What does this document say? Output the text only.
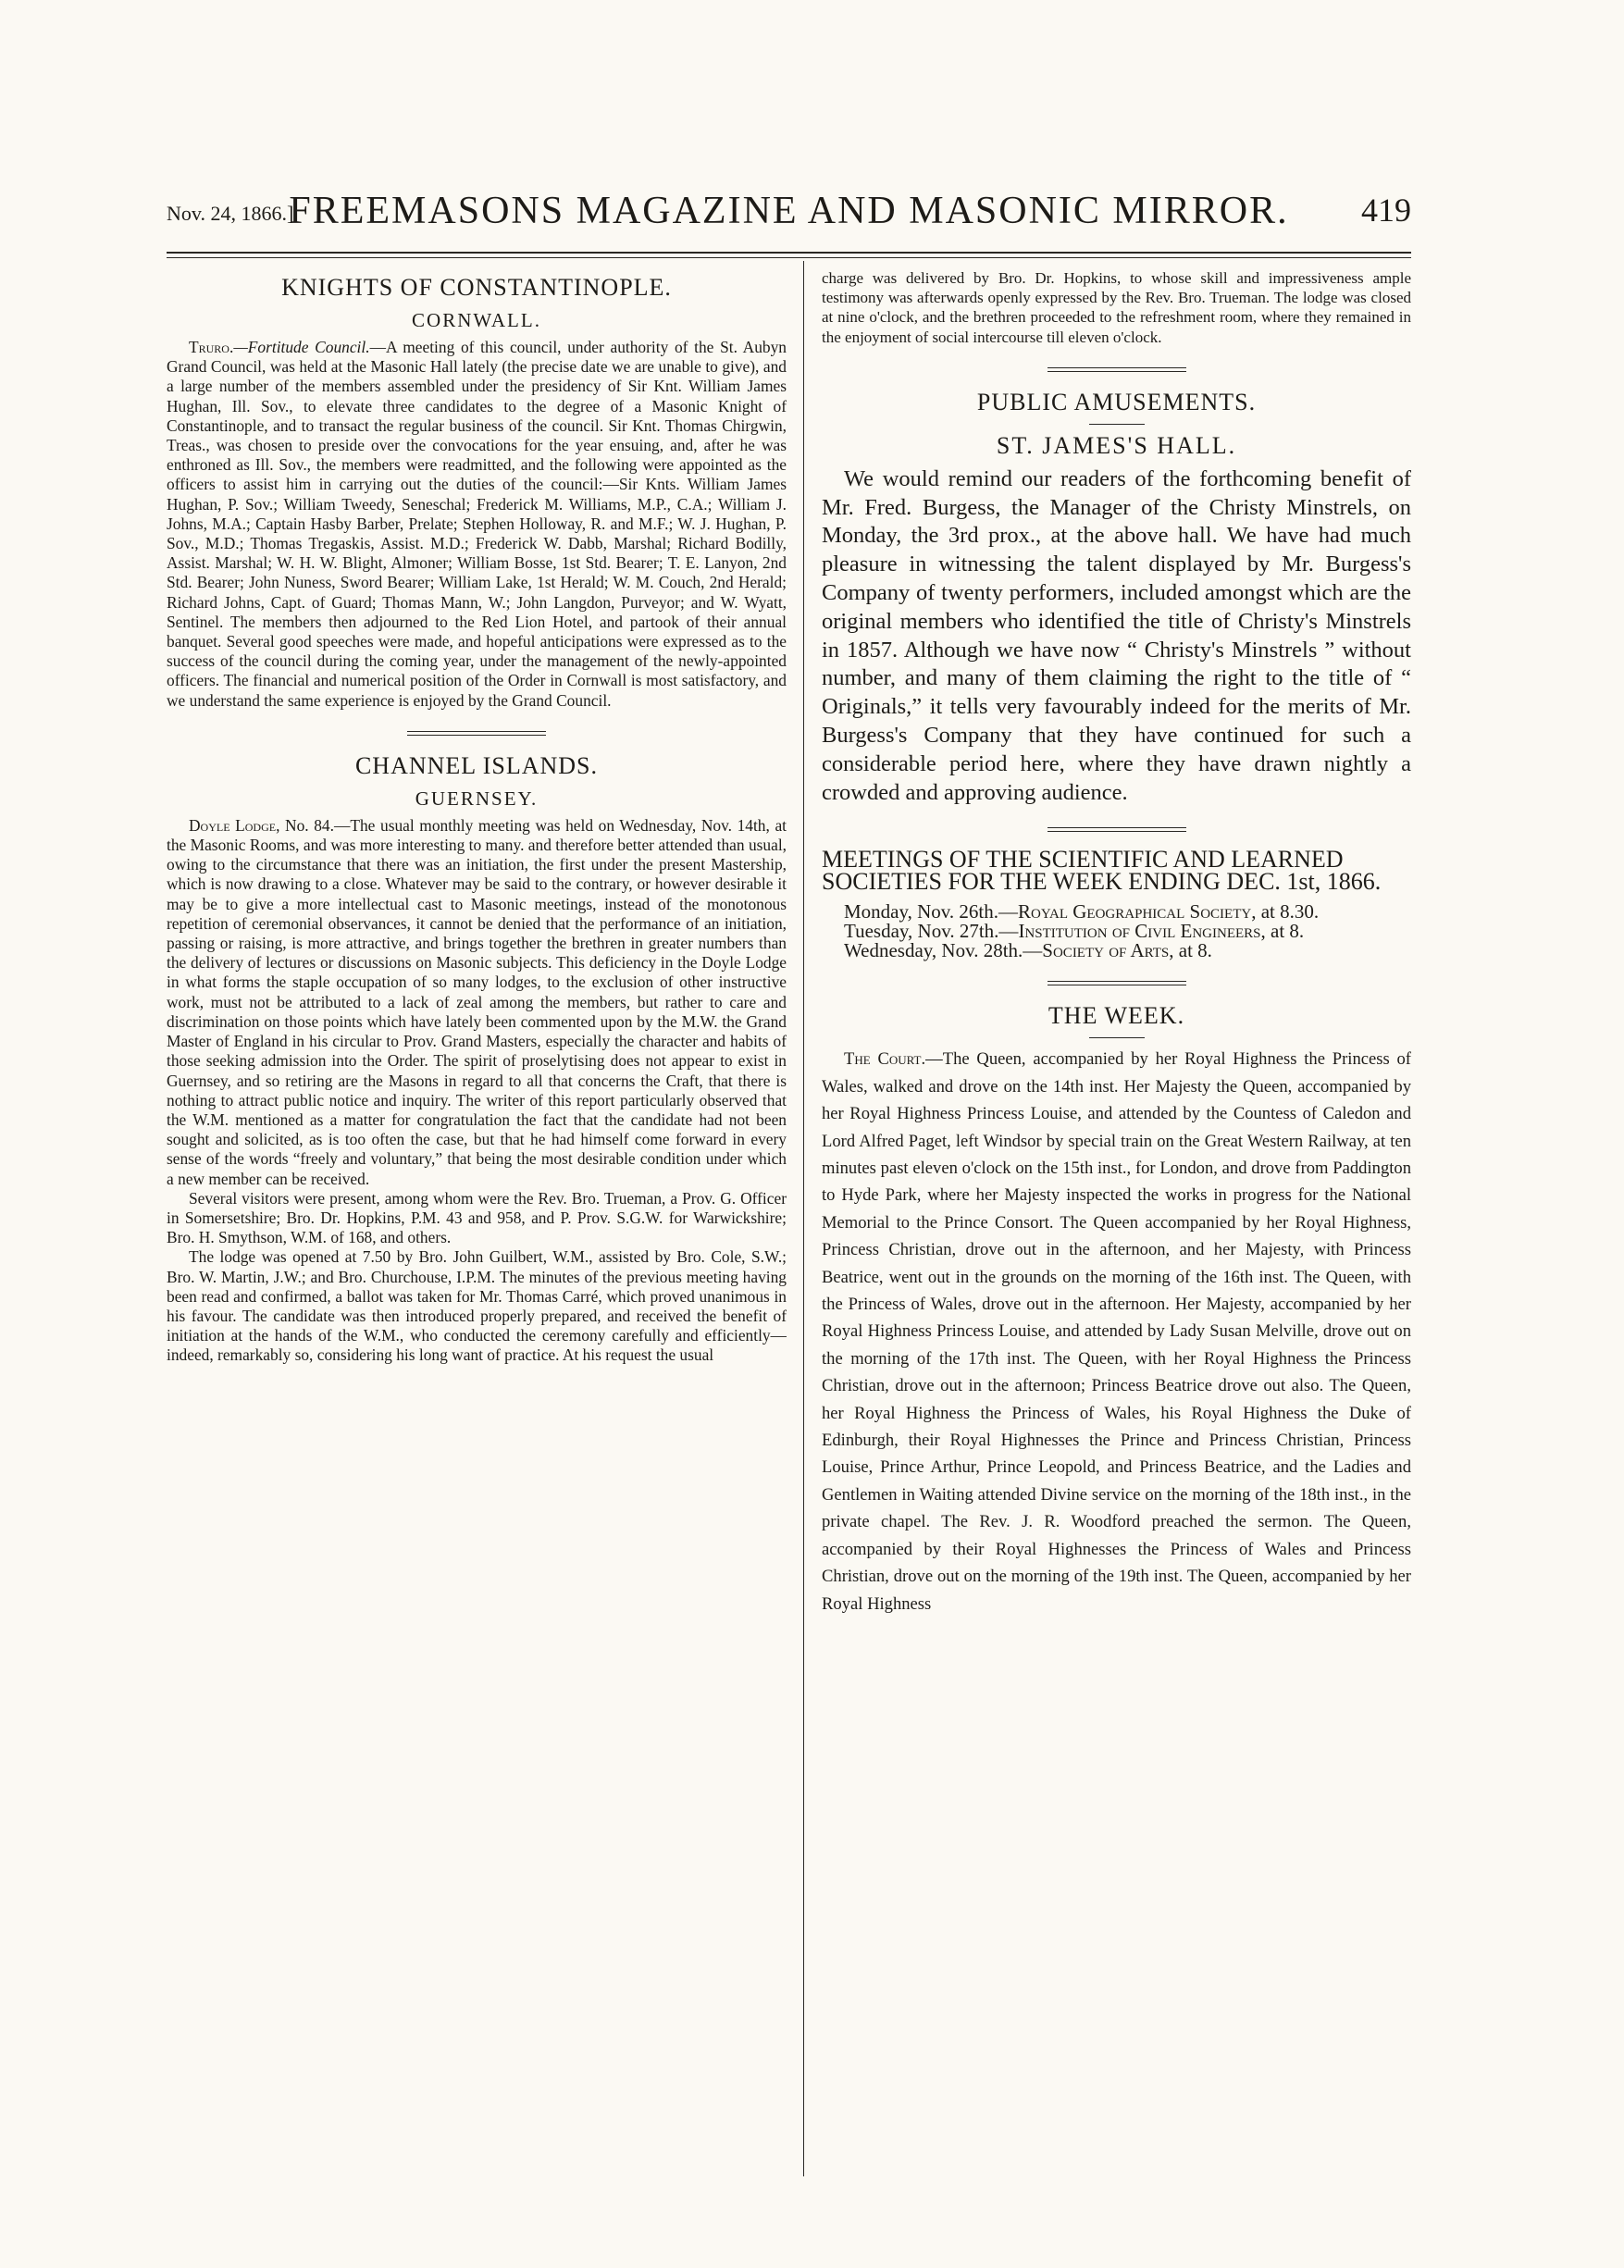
Nov. 24, 1866.]
FREEMASONS MAGAZINE AND MASONIC MIRROR.	419
KNIGHTS OF CONSTANTINOPLE.
CORNWALL.

Truro.—Fortitude Council.—A meeting of this council, under authority of the St. Aubyn Grand Council, was held at the Masonic Hall lately (the precise date we are unable to give), and a large number of the members assembled under the presidency of Sir Knt. William James Hughan, Ill. Sov., to elevate three candidates to the degree of a Masonic Knight of Constantinople, and to transact the regular business of the council. Sir Knt. Thomas Chirgwin, Treas., was chosen to preside over the convocations for the year ensuing, and, after he was enthroned as Ill. Sov., the members were readmitted, and the following were appointed as the officers to assist him in carrying out the duties of the council:—Sir Knts. William James Hughan, P. Sov.; William Tweedy, Seneschal; Frederick M. Williams, M.P., C.A.; William J. Johns, M.A.; Captain Hasby Barber, Prelate; Stephen Holloway, R. and M.F.; W. J. Hughan, P. Sov., M.D.; Thomas Tregaskis, Assist. M.D.; Frederick W. Dabb, Marshal; Richard Bodilly, Assist. Marshal; W. H. W. Blight, Almoner; William Bosse, 1st Std. Bearer; T. E. Lanyon, 2nd Std. Bearer; John Nuness, Sword Bearer; William Lake, 1st Herald; W. M. Couch, 2nd Herald; Richard Johns, Capt. of Guard; Thomas Mann, W.; John Langdon, Purveyor; and W. Wyatt, Sentinel. The members then adjourned to the Red Lion Hotel, and partook of their annual banquet. Several good speeches were made, and hopeful anticipations were expressed as to the success of the council during the coming year, under the management of the newly-appointed officers. The financial and numerical position of the Order in Cornwall is most satisfactory, and we understand the same experience is enjoyed by the Grand Council.

CHANNEL ISLANDS.
GUERNSEY.

Doyle Lodge, No. 84.—The usual monthly meeting was held on Wednesday, Nov. 14th, at the Masonic Rooms, and was more interesting to many. and therefore better attended than usual, owing to the circumstance that there was an initiation, the first under the present Mastership, which is now drawing to a close. Whatever may be said to the contrary, or however desirable it may be to give a more intellectual cast to Masonic meetings, instead of the monotonous repetition of ceremonial observances, it cannot be denied that the performance of an initiation, passing or raising, is more attractive, and brings together the brethren in greater numbers than the delivery of lectures or discussions on Masonic subjects. This deficiency in the Doyle Lodge in what forms the staple occupation of so many lodges, to the exclusion of other instructive work, must not be attributed to a lack of zeal among the members, but rather to care and discrimination on those points which have lately been commented upon by the M.W. the Grand Master of England in his circular to Prov. Grand Masters, especially the character and habits of those seeking admission into the Order. The spirit of proselytising does not appear to exist in Guernsey, and so retiring are the Masons in regard to all that concerns the Craft, that there is nothing to attract public notice and inquiry. The writer of this report particularly observed that the W.M. mentioned as a matter for congratulation the fact that the candidate had not been sought and solicited, as is too often the case, but that he had himself come forward in every sense of the words “freely and voluntary,” that being the most desirable condition under which a new member can be received.

Several visitors were present, among whom were the Rev. Bro. Trueman, a Prov. G. Officer in Somersetshire; Bro. Dr. Hopkins, P.M. 43 and 958, and P. Prov. S.G.W. for Warwickshire; Bro. H. Smythson, W.M. of 168, and others.

The lodge was opened at 7.50 by Bro. John Guilbert, W.M., assisted by Bro. Cole, S.W.; Bro. W. Martin, J.W.; and Bro. Churchouse, I.P.M. The minutes of the previous meeting having been read and confirmed, a ballot was taken for Mr. Thomas Carré, which proved unanimous in his favour. The candidate was then introduced properly prepared, and received the benefit of initiation at the hands of the W.M., who conducted the ceremony carefully and efficiently—indeed, remarkably so, considering his long want of practice. At his request the usual

charge was delivered by Bro. Dr. Hopkins, to whose skill and impressiveness ample testimony was afterwards openly expressed by the Rev. Bro. Trueman. The lodge was closed at nine o'clock, and the brethren proceeded to the refreshment room, where they remained in the enjoyment of social intercourse till eleven o'clock.

PUBLIC AMUSEMENTS.
ST. JAMES'S HALL.

We would remind our readers of the forthcoming benefit of Mr. Fred. Burgess, the Manager of the Christy Minstrels, on Monday, the 3rd prox., at the above hall. We have had much pleasure in witnessing the talent displayed by Mr. Burgess's Company of twenty performers, included amongst which are the original members who identified the title of Christy's Minstrels in 1857. Although we have now “ Christy's Minstrels ” without number, and many of them claiming the right to the title of “ Originals,” it tells very favourably indeed for the merits of Mr. Burgess's Company that they have continued for such a considerable period here, where they have drawn nightly a crowded and approving audience.

MEETINGS OF THE SCIENTIFIC AND LEARNED SOCIETIES FOR THE WEEK ENDING DEC. 1st, 1866.

Monday, Nov. 26th.—Royal Geographical Society, at 8.30.

Tuesday, Nov. 27th.—Institution of Civil Engineers, at 8.

Wednesday, Nov. 28th.—Society of Arts, at 8.

THE WEEK.

The Court.—The Queen, accompanied by her Royal Highness the Princess of Wales, walked and drove on the 14th inst. Her Majesty the Queen, accompanied by her Royal Highness Princess Louise, and attended by the Countess of Caledon and Lord Alfred Paget, left Windsor by special train on the Great Western Railway, at ten minutes past eleven o'clock on the 15th inst., for London, and drove from Paddington to Hyde Park, where her Majesty inspected the works in progress for the National Memorial to the Prince Consort. The Queen accompanied by her Royal Highness, Princess Christian, drove out in the afternoon, and her Majesty, with Princess Beatrice, went out in the grounds on the morning of the 16th inst. The Queen, with the Princess of Wales, drove out in the afternoon. Her Majesty, accompanied by her Royal Highness Princess Louise, and attended by Lady Susan Melville, drove out on the morning of the 17th inst. The Queen, with her Royal Highness the Princess Christian, drove out in the afternoon; Princess Beatrice drove out also. The Queen, her Royal Highness the Princess of Wales, his Royal Highness the Duke of Edinburgh, their Royal Highnesses the Prince and Princess Christian, Princess Louise, Prince Arthur, Prince Leopold, and Princess Beatrice, and the Ladies and Gentlemen in Waiting attended Divine service on the morning of the 18th inst., in the private chapel. The Rev. J. R. Woodford preached the sermon. The Queen, accompanied by their Royal Highnesses the Princess of Wales and Princess Christian, drove out on the morning of the 19th inst. The Queen, accompanied by her Royal Highness
